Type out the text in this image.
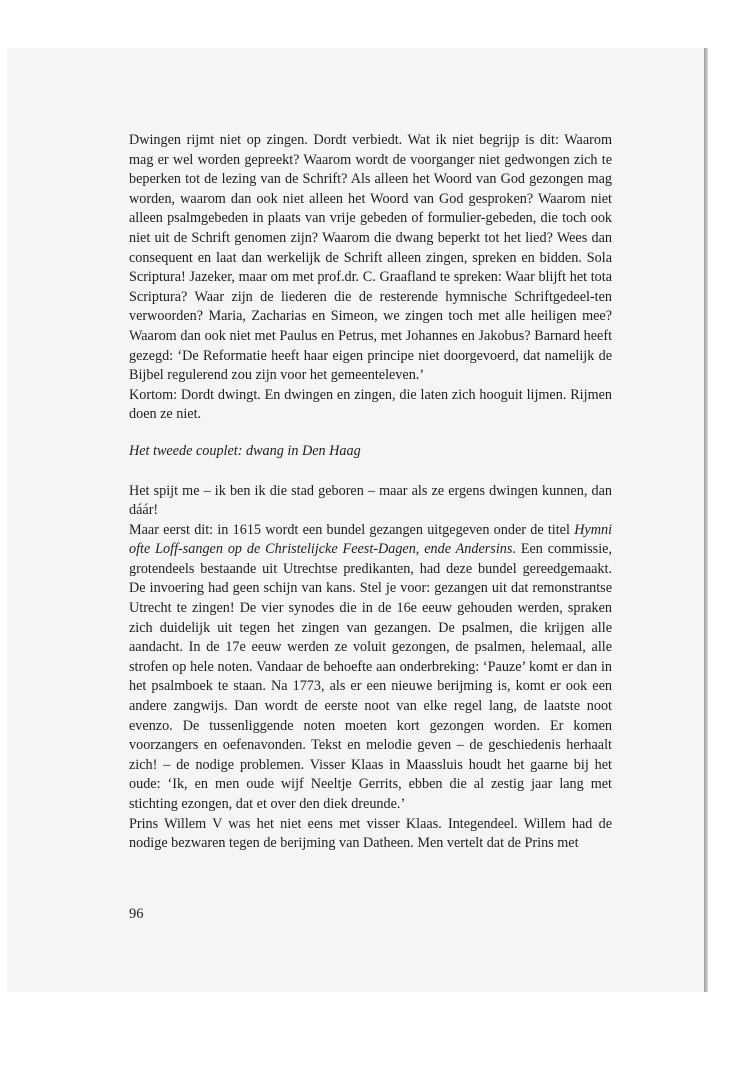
Dwingen rijmt niet op zingen. Dordt verbiedt. Wat ik niet begrijp is dit: Waarom mag er wel worden gepreekt? Waarom wordt de voorganger niet gedwongen zich te beperken tot de lezing van de Schrift? Als alleen het Woord van God gezongen mag worden, waarom dan ook niet alleen het Woord van God gesproken? Waarom niet alleen psalmgebeden in plaats van vrije gebeden of formulier-gebeden, die toch ook niet uit de Schrift genomen zijn? Waarom die dwang beperkt tot het lied? Wees dan consequent en laat dan werkelijk de Schrift alleen zingen, spreken en bidden. Sola Scriptura! Jazeker, maar om met prof.dr. C. Graafland te spreken: Waar blijft het tota Scriptura? Waar zijn de liederen die de resterende hymnische Schriftgedeel-ten verwoorden? Maria, Zacharias en Simeon, we zingen toch met alle heiligen mee? Waarom dan ook niet met Paulus en Petrus, met Johannes en Jakobus? Barnard heeft gezegd: ‘De Reformatie heeft haar eigen principe niet doorgevoerd, dat namelijk de Bijbel regulerend zou zijn voor het gemeenteleven.’

Kortom: Dordt dwingt. En dwingen en zingen, die laten zich hooguit lijmen. Rijmen doen ze niet.

Het tweede couplet: dwang in Den Haag

Het spijt me – ik ben ik die stad geboren – maar als ze ergens dwingen kunnen, dan dáár!

Maar eerst dit: in 1615 wordt een bundel gezangen uitgegeven onder de titel Hymni ofte Loff-sangen op de Christelijcke Feest-Dagen, ende Andersins. Een commissie, grotendeels bestaande uit Utrechtse predikanten, had deze bundel gereedgemaakt. De invoering had geen schijn van kans. Stel je voor: gezangen uit dat remonstrantse Utrecht te zingen! De vier synodes die in de 16e eeuw gehouden werden, spraken zich duidelijk uit tegen het zingen van gezangen. De psalmen, die krijgen alle aandacht. In de 17e eeuw werden ze voluit gezongen, de psalmen, helemaal, alle strofen op hele noten. Vandaar de behoefte aan onderbreking: ‘Pauze’ komt er dan in het psalmboek te staan. Na 1773, als er een nieuwe berijming is, komt er ook een andere zangwijs. Dan wordt de eerste noot van elke regel lang, de laatste noot evenzo. De tussenliggende noten moeten kort gezongen worden. Er komen voorzangers en oefenavonden. Tekst en melodie geven – de geschiedenis herhaalt zich! – de nodige problemen. Visser Klaas in Maassluis houdt het gaarne bij het oude: ‘Ik, en men oude wijf Neeltje Gerrits, ebben die al zestig jaar lang met stichting ezongen, dat et over den diek dreunde.’

Prins Willem V was het niet eens met visser Klaas. Integendeel. Willem had de nodige bezwaren tegen de berijming van Datheen. Men vertelt dat de Prins met

96
